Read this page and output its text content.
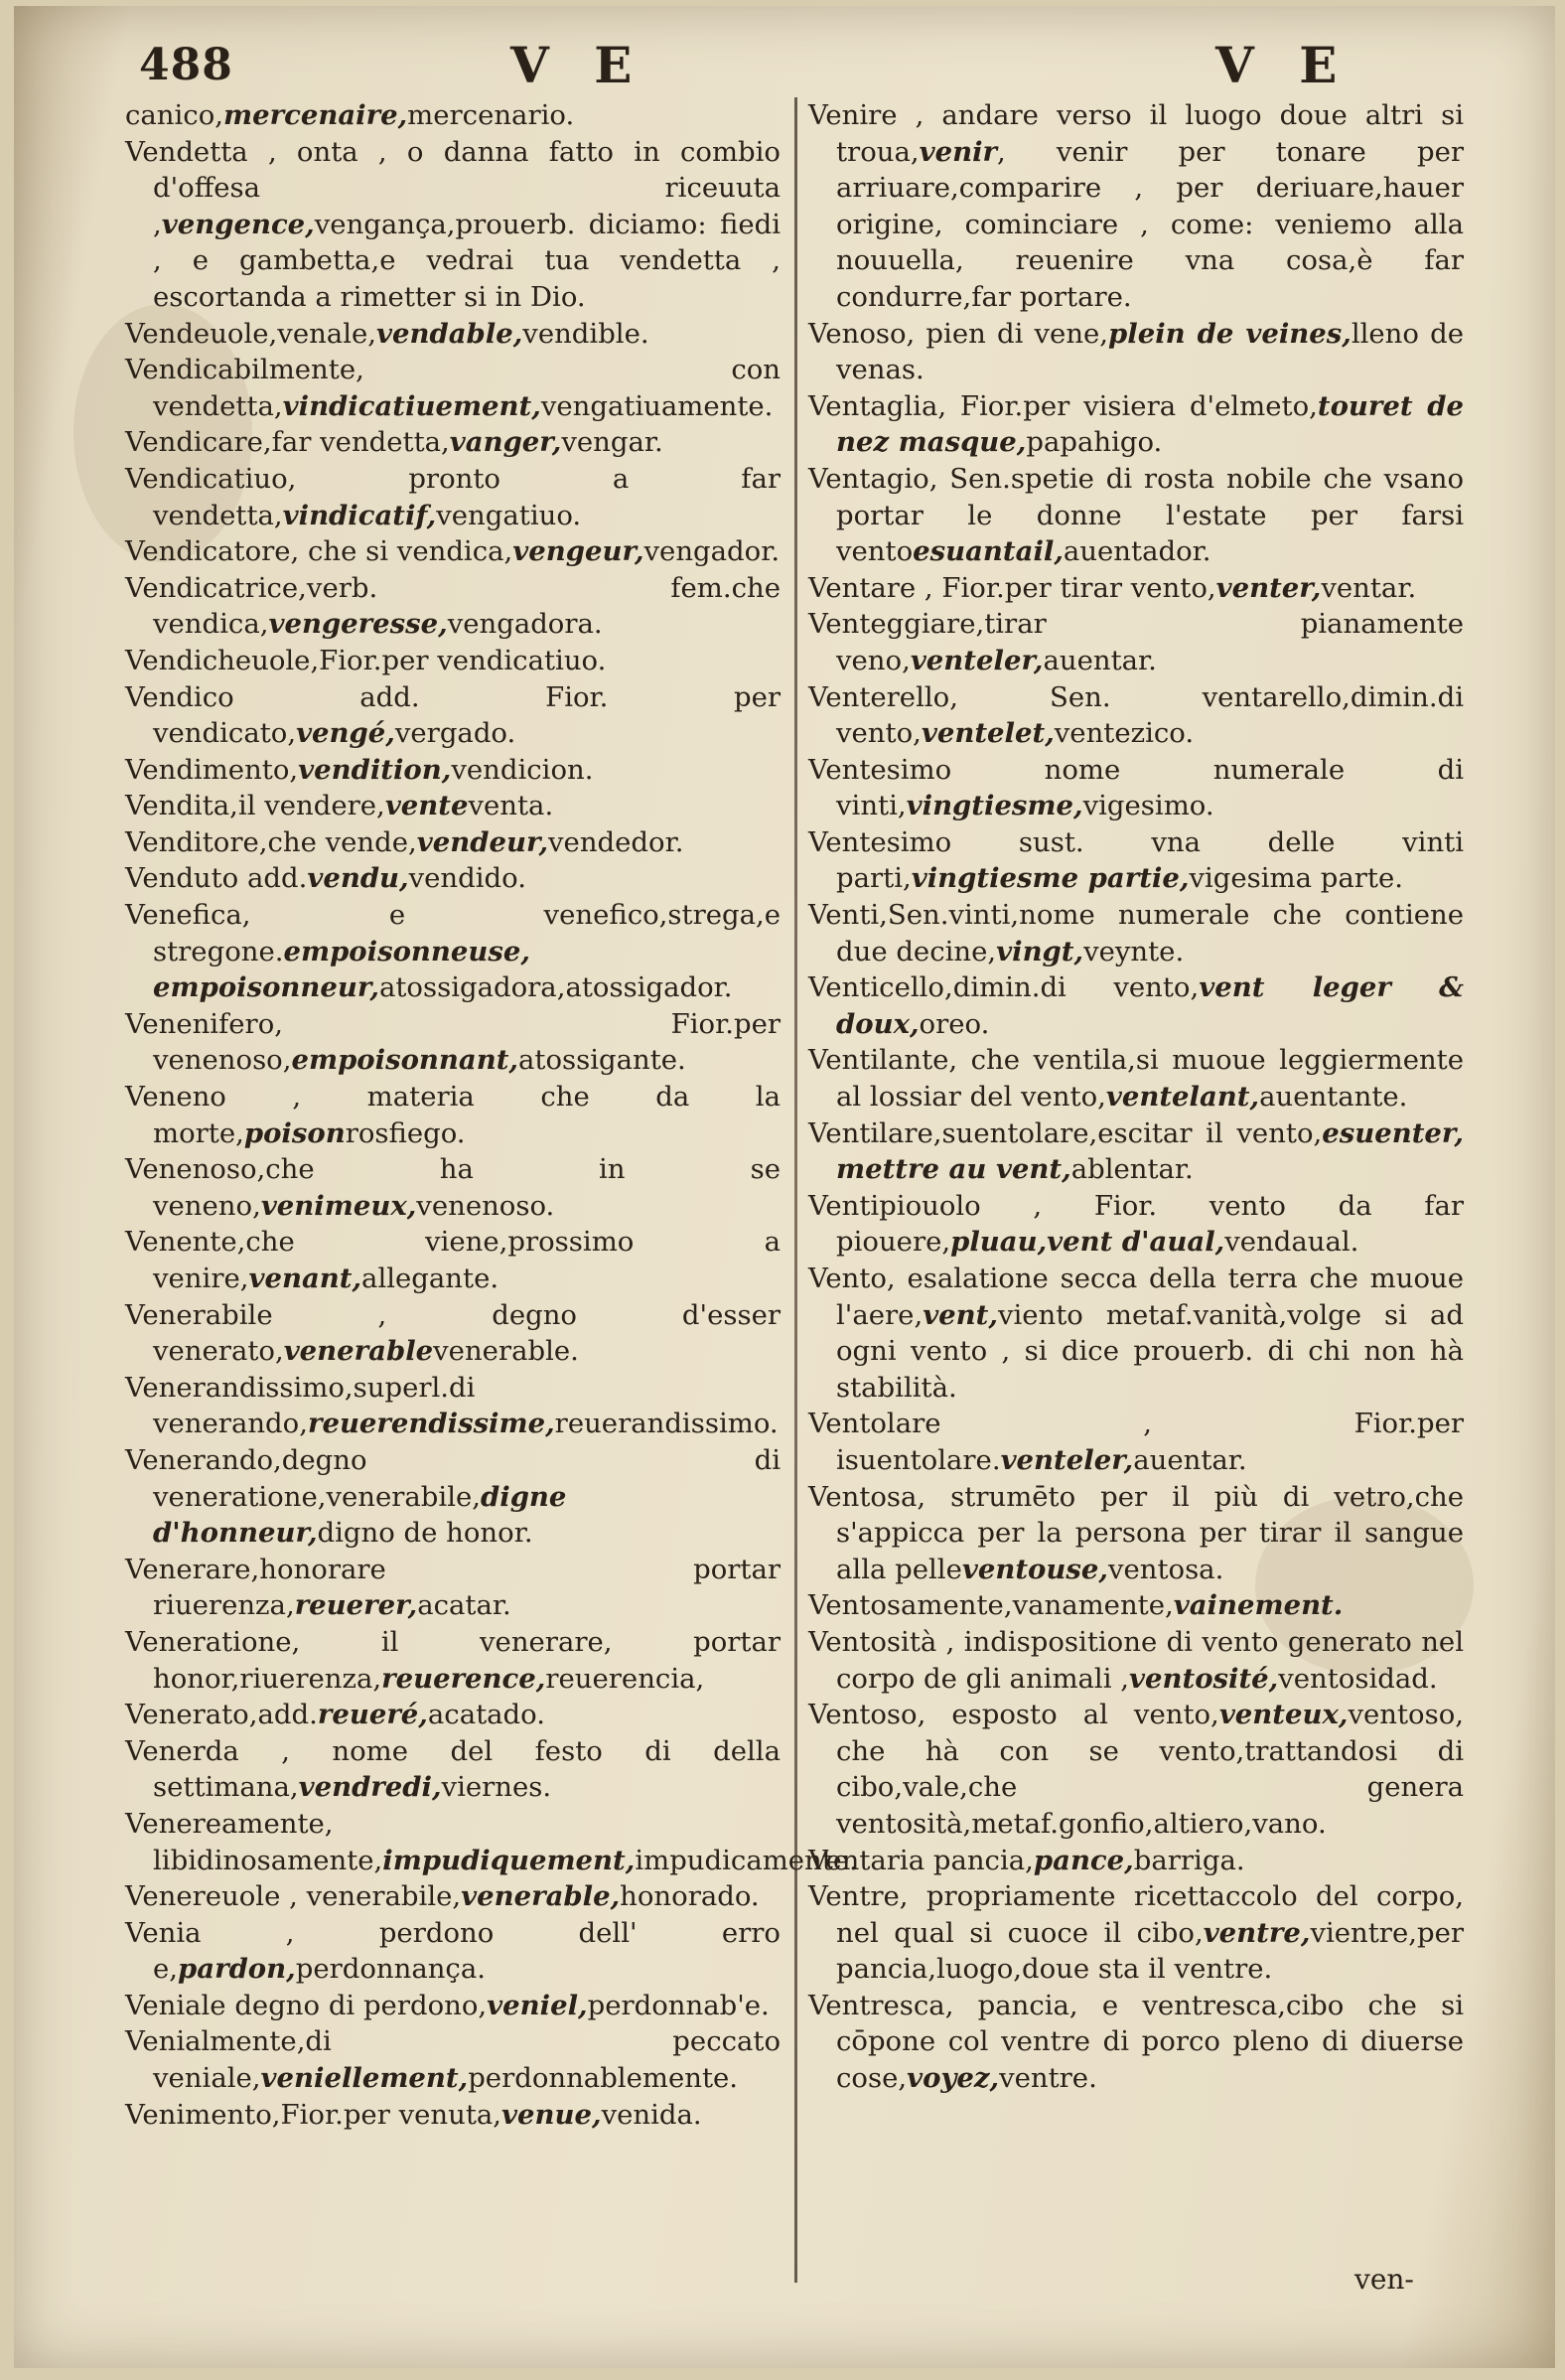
488	V E	V E
canico,mercenaire,mercenario.
Vendetta , onta , o danna fatto in combio d'offesa riceuuta ,vengence,vengança,prouerb. diciamo: fiedi , e gambetta,e vedrai tua vendetta , escortanda a rimetter si in Dio.
Vendeuole,venale,vendable,vendible.
Vendicabilmente, con vendetta,vindicatiuement,vengatiuamente.
Vendicare,far vendetta,vanger,vengar.
Vendicatiuo, pronto a far vendetta,vindicatif,vengatiuo.
Vendicatore, che si vendica,vengeur,vengador.
Vendicatrice,verb. fem.che vendica,vengeresse,vengadora.
Vendicheuole,Fior.per vendicatiuo.
Vendico add. Fior. per vendicato,vengé,vergado.
Vendimento,vendition,vendicion.
Vendita,il vendere,venteventa.
Venditore,che vende,vendeur,vendedor.
Venduto add.vendu,vendido.
Venefica, e venefico,strega,e stregone.empoisonneuse, empoisonneur,atossigadora,atossigador.
Venenifero, Fior.per venenoso,empoisonnant,atossigante.
Veneno , materia che da la morte,poisonrosfiego.
Venenoso,che ha in se veneno,venimeux,venenoso.
Venente,che viene,prossimo a venire,venant,allegante.
Venerabile , degno d'esser venerato,venerablevenerable.
Venerandissimo,superl.di venerando,reuerendissime,reuerandissimo.
Venerando,degno di veneratione,venerabile,digne d'honneur,digno de honor.
Venerare,honorare portar riuerenza,reuerer,acatar.
Veneratione, il venerare, portar honor,riuerenza,reuerence,reuerencia,
Venerato,add.reueré,acatado.
Venerda , nome del festo di della settimana,vendredi,viernes.
Venereamente, libidinosamente,impudiquement,impudicamente.
Venereuole , venerabile,venerable,honorado.
Venia , perdono dell' erro e,pardon,perdonnança.
Veniale degno di perdono,veniel,perdonnab'e.
Venialmente,di peccato veniale,veniellement,perdonnablemente.
Venimento,Fior.per venuta,venue,venida.
Venire , andare verso il luogo doue altri si troua,venir, venir per tonare per arriuare,comparire , per deriuare,hauer origine, cominciare , come: veniemo alla nouuella, reuenire vna cosa,è far condurre,far portare.
Venoso, pien di vene,plein de veines,lleno de venas.
Ventaglia, Fior.per visiera d'elmeto,touret de nez masque,papahigo.
Ventagio, Sen.spetie di rosta nobile che vsano portar le donne l'estate per farsi ventoesuantail,auentador.
Ventare , Fior.per tirar vento,venter,ventar.
Venteggiare,tirar pianamente veno,venteler,auentar.
Venterello, Sen. ventarello,dimin.di vento,ventelet,ventezico.
Ventesimo nome numerale di vinti,vingtiesme,vigesimo.
Ventesimo sust. vna delle vinti parti,vingtiesme partie,vigesima parte.
Venti,Sen.vinti,nome numerale che contiene due decine,vingt,veynte.
Venticello,dimin.di vento,vent leger & doux,oreo.
Ventilante, che ventila,si muoue leggiermente al lossiar del vento,ventelant,auentante.
Ventilare,suentolare,escitar il vento,esuenter, mettre au vent,ablentar.
Ventipiouolo , Fior. vento da far piouere,pluau,vent d'aual,vendaual.
Vento, esalatione secca della terra che muoue l'aere,vent,viento metaf.vanità,volge si ad ogni vento , si dice prouerb. di chi non hà stabilità.
Ventolare , Fior.per isuentolare.venteler,auentar.
Ventosa, strumēto per il più di vetro,che s'appicca per la persona per tirar il sangue alla pelleventouse,ventosa.
Ventosamente,vanamente,vainement.
Ventosità , indispositione di vento generato nel corpo de gli animali ,ventosité,ventosidad.
Ventoso, esposto al vento,venteux,ventoso, che hà con se vento,trattandosi di cibo,vale,che genera ventosità,metaf.gonfio,altiero,vano.
Ventaria pancia,pance,barriga.
Ventre, propriamente ricettaccolo del corpo, nel qual si cuoce il cibo,ventre,vientre,per pancia,luogo,doue sta il ventre.
Ventresca, pancia, e ventresca,cibo che si cōpone col ventre di porco pleno di diuerse cose,voyez,ventre.
ven-
